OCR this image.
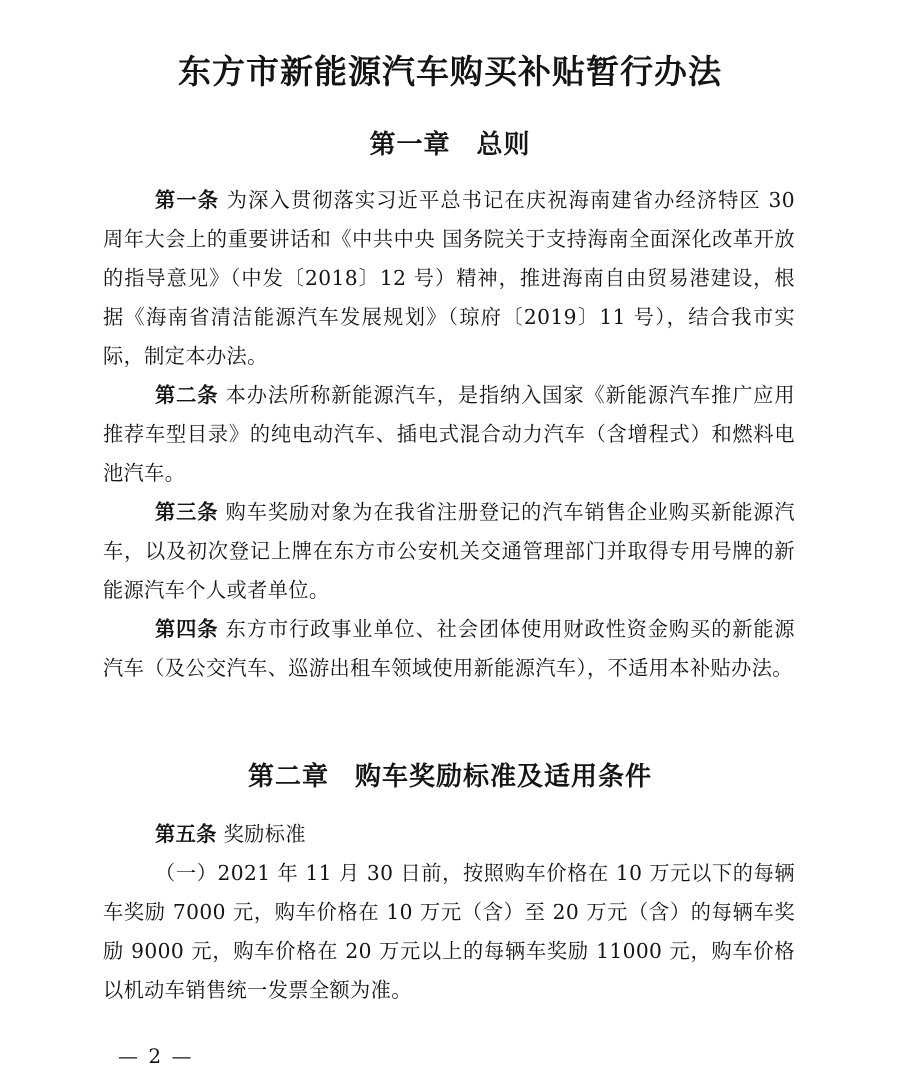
东方市新能源汽车购买补贴暂行办法
第一章 总则
第一条 为深入贯彻落实习近平总书记在庆祝海南建省办经济特区 30 周年大会上的重要讲话和《中共中央 国务院关于支持海南全面深化改革开放的指导意见》（中发〔2018〕12 号）精神，推进海南自由贸易港建设，根据《海南省清洁能源汽车发展规划》（琼府〔2019〕11 号），结合我市实际，制定本办法。
第二条 本办法所称新能源汽车，是指纳入国家《新能源汽车推广应用推荐车型目录》的纯电动汽车、插电式混合动力汽车（含增程式）和燃料电池汽车。
第三条 购车奖励对象为在我省注册登记的汽车销售企业购买新能源汽车，以及初次登记上牌在东方市公安机关交通管理部门并取得专用号牌的新能源汽车个人或者单位。
第四条 东方市行政事业单位、社会团体使用财政性资金购买的新能源汽车（及公交汽车、巡游出租车领域使用新能源汽车），不适用本补贴办法。
第二章 购车奖励标准及适用条件
第五条 奖励标准
（一）2021 年 11 月 30 日前，按照购车价格在 10 万元以下的每辆车奖励 7000 元，购车价格在 10 万元（含）至 20 万元（含）的每辆车奖励 9000 元，购车价格在 20 万元以上的每辆车奖励 11000 元，购车价格以机动车销售统一发票全额为准。
— 2 —
